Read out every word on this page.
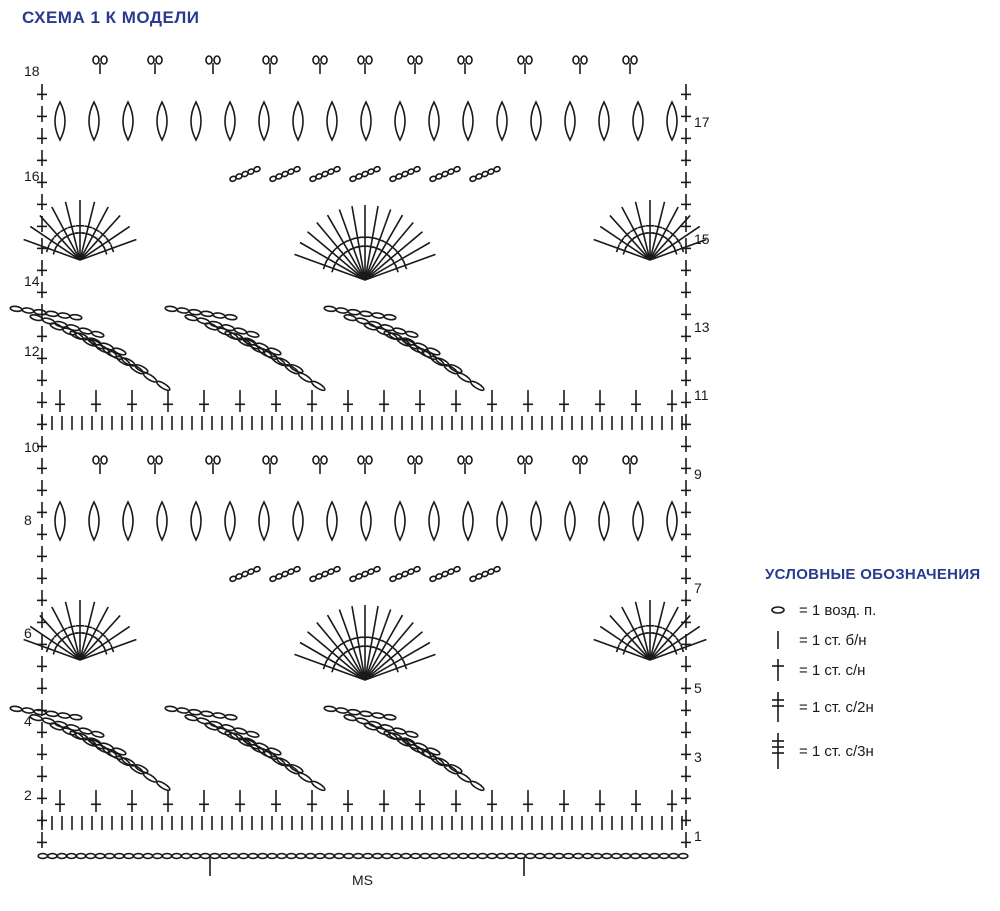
СХЕМА 1 К МОДЕЛИ
18
16
14
12
10
8
6
4
2
17
15
13
11
9
7
5
3
1
MS
УСЛОВНЫЕ ОБОЗНАЧЕНИЯ
= 1 возд. п.
= 1 ст. б/н
= 1 ст. с/н
= 1 ст. с/2н
= 1 ст. с/3н
